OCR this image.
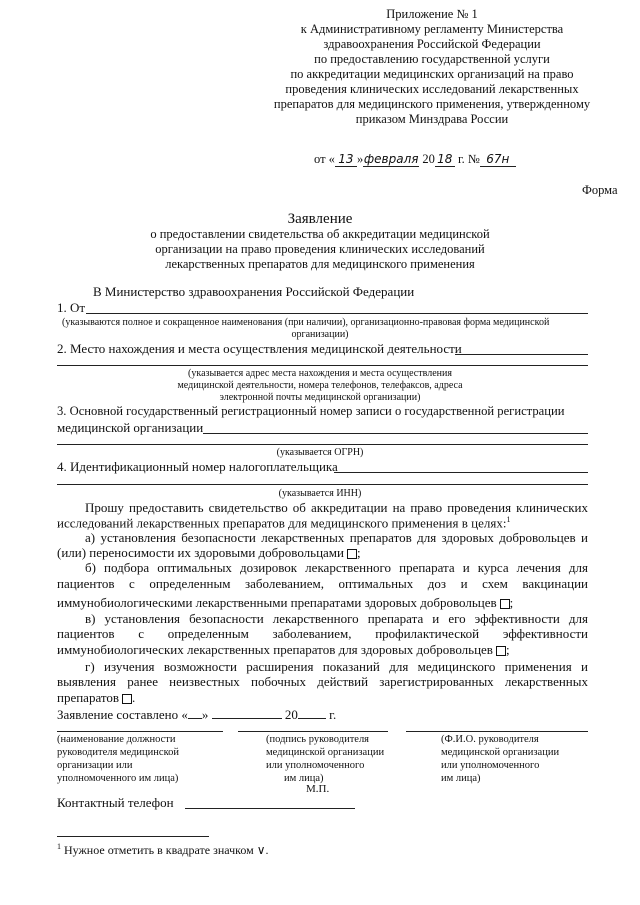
Приложение № 1
к Административному регламенту Министерства
здравоохранения Российской Федерации
по предоставлению государственной услуги
по аккредитации медицинских организаций на право
проведения клинических исследований лекарственных
препаратов для медицинского применения, утвержденному
приказом Минздрава России
от « 13 »февраля 20 18 г. № 67н
Форма
Заявление
о предоставлении свидетельства об аккредитации медицинской
организации на право проведения клинических исследований
лекарственных препаратов для медицинского применения
В Министерство здравоохранения Российской Федерации
1. От
(указываются полное и сокращенное наименования (при наличии), организационно-правовая форма медицинской
организации)
2. Место нахождения и места осуществления медицинской деятельности
(указывается адрес места нахождения и места осуществления
медицинской деятельности, номера телефонов, телефаксов, адреса
электронной почты медицинской организации)
3. Основной государственный регистрационный номер записи о государственной регистрации
медицинской организации
(указывается ОГРН)
4. Идентификационный номер налогоплательщика
(указывается ИНН)
Прошу предоставить свидетельство об аккредитации на право проведения клинических
исследований лекарственных препаратов для медицинского применения в целях:$^1$
а) установления безопасности лекарственных препаратов для здоровых добровольцев и
(или) переносимости их здоровыми добровольцами ;
б) подбора оптимальных дозировок лекарственного препарата и курса лечения для
пациентов с определенным заболеванием, оптимальных доз и схем вакцинации
иммунобиологическими лекарственными препаратами здоровых добровольцев ;
в) установления безопасности лекарственного препарата и его эффективности для
пациентов с определенным заболеванием, профилактической эффективности
иммунобиологических лекарственных препаратов для здоровых добровольцев ;
г) изучения возможности расширения показаний для медицинского применения и
выявления ранее неизвестных побочных действий зарегистрированных лекарственных
препаратов .
Заявление составлено « »	20 г.
(наименование должности
руководителя медицинской
организации или
уполномоченного им лица)
(подпись руководителя
медицинской организации
или уполномоченного
им лица)
(Ф.И.О. руководителя
медицинской организации
или уполномоченного
им лица)
М.П.
Контактный телефон
$^1$ Нужное отметить в квадрате значком ∨.
